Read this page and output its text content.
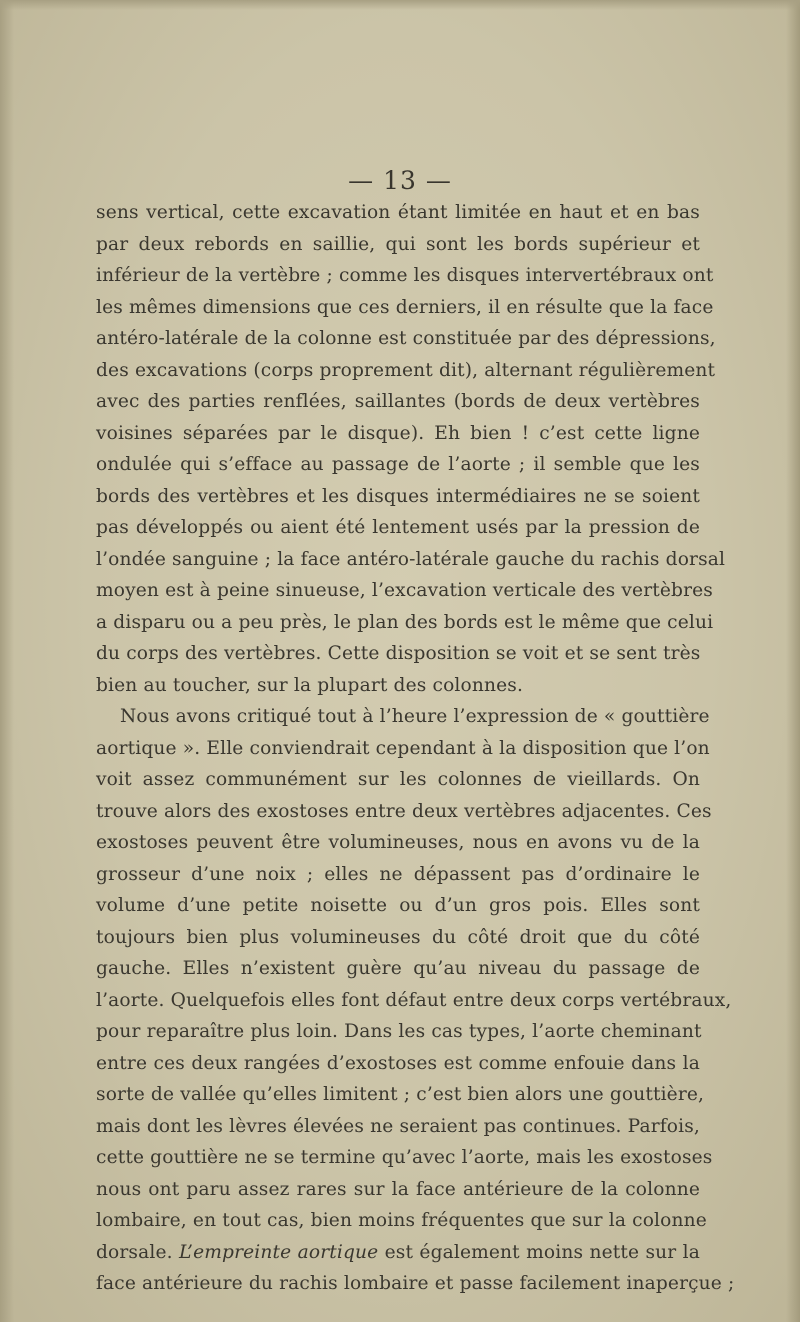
— 13 —
sens vertical, cette excavation étant limitée en haut et en bas
par deux rebords en saillie, qui sont les bords supérieur et
inférieur de la vertèbre ; comme les disques intervertébraux ont
les mêmes dimensions que ces derniers, il en résulte que la face
antéro-latérale de la colonne est constituée par des dépressions,
des excavations (corps proprement dit), alternant régulièrement
avec des parties renflées, saillantes (bords de deux vertèbres
voisines séparées par le disque). Eh bien ! c’est cette ligne
ondulée qui s’efface au passage de l’aorte ; il semble que les
bords des vertèbres et les disques intermédiaires ne se soient
pas développés ou aient été lentement usés par la pression de
l’ondée sanguine ; la face antéro-latérale gauche du rachis dorsal
moyen est à peine sinueuse, l’excavation verticale des vertèbres
a disparu ou a peu près, le plan des bords est le même que celui
du corps des vertèbres. Cette disposition se voit et se sent très
bien au toucher, sur la plupart des colonnes.
Nous avons critiqué tout à l’heure l’expression de « gouttière
aortique ». Elle conviendrait cependant à la disposition que l’on
voit assez communément sur les colonnes de vieillards. On
trouve alors des exostoses entre deux vertèbres adjacentes. Ces
exostoses peuvent être volumineuses, nous en avons vu de la
grosseur d’une noix ; elles ne dépassent pas d’ordinaire le
volume d’une petite noisette ou d’un gros pois. Elles sont
toujours bien plus volumineuses du côté droit que du côté
gauche. Elles n’existent guère qu’au niveau du passage de
l’aorte. Quelquefois elles font défaut entre deux corps vertébraux,
pour reparaître plus loin. Dans les cas types, l’aorte cheminant
entre ces deux rangées d’exostoses est comme enfouie dans la
sorte de vallée qu’elles limitent ; c’est bien alors une gouttière,
mais dont les lèvres élevées ne seraient pas continues. Parfois,
cette gouttière ne se termine qu’avec l’aorte, mais les exostoses
nous ont paru assez rares sur la face antérieure de la colonne
lombaire, en tout cas, bien moins fréquentes que sur la colonne
dorsale. L’empreinte aortique est également moins nette sur la
face antérieure du rachis lombaire et passe facilement inaperçue ;
